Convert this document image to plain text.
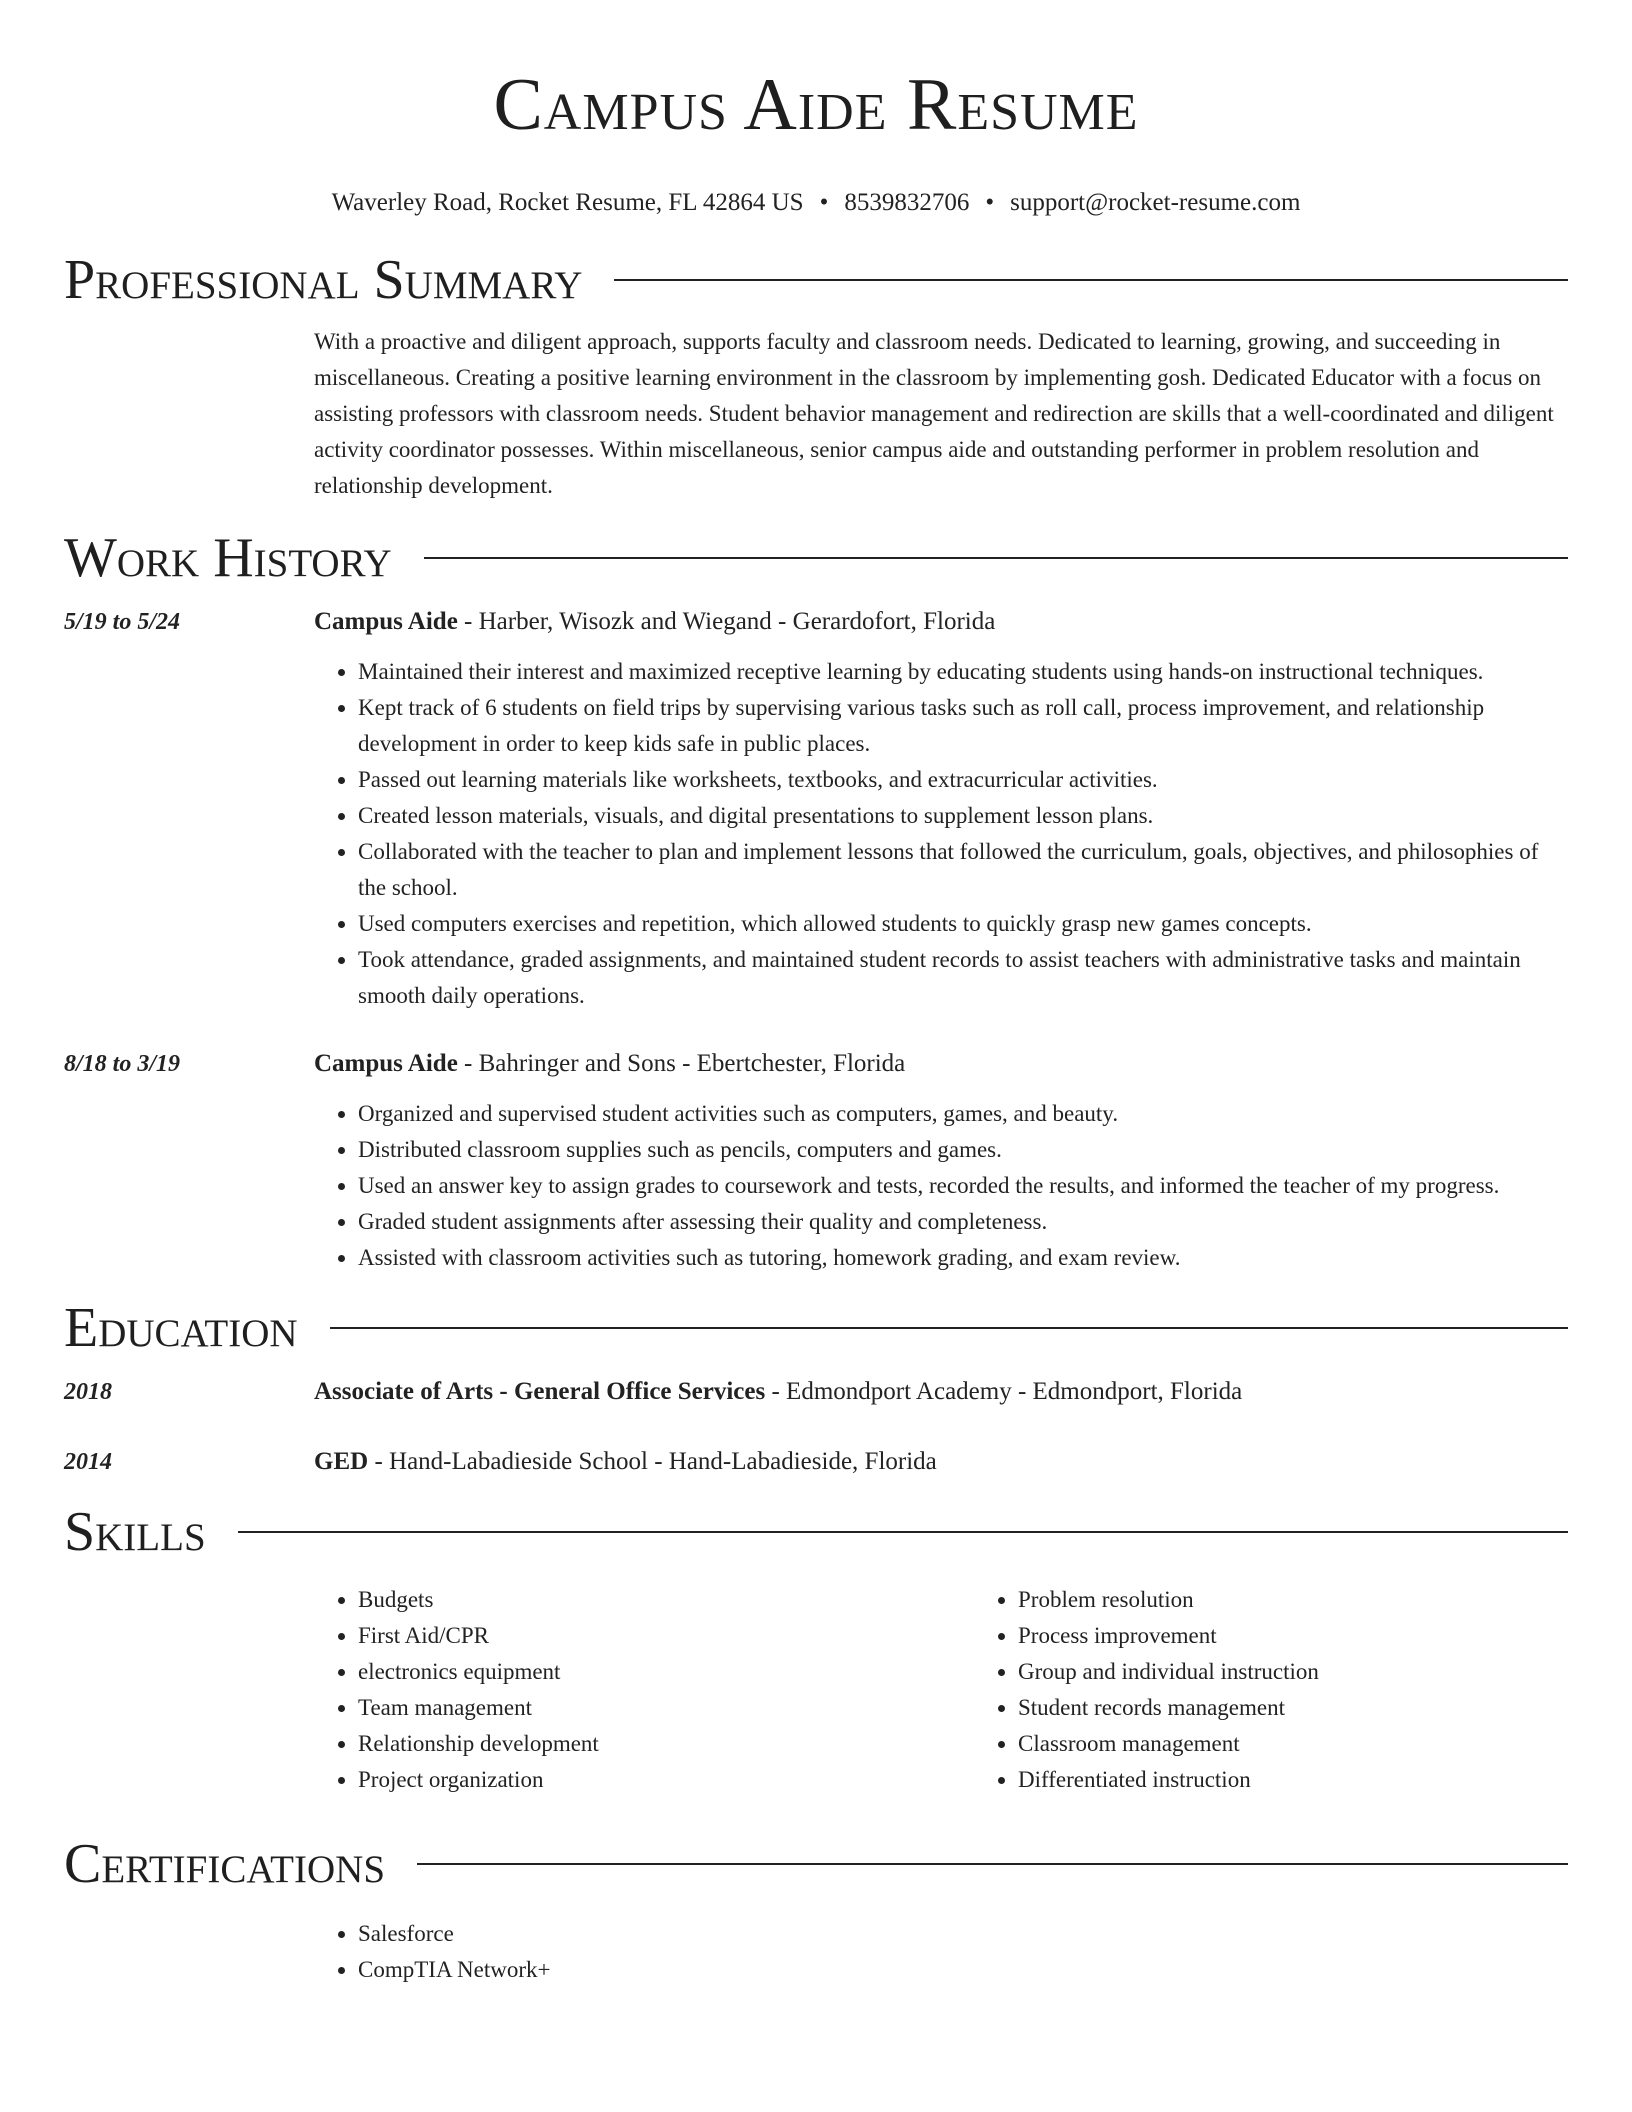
Campus Aide Resume
Waverley Road, Rocket Resume, FL 42864 US • 8539832706 • support@rocket-resume.com
Professional Summary
With a proactive and diligent approach, supports faculty and classroom needs. Dedicated to learning, growing, and succeeding in miscellaneous. Creating a positive learning environment in the classroom by implementing gosh. Dedicated Educator with a focus on assisting professors with classroom needs. Student behavior management and redirection are skills that a well-coordinated and diligent activity coordinator possesses. Within miscellaneous, senior campus aide and outstanding performer in problem resolution and relationship development.
Work History
5/19 to 5/24	Campus Aide - Harber, Wisozk and Wiegand - Gerardofort, Florida
• Maintained their interest and maximized receptive learning by educating students using hands-on instructional techniques.
• Kept track of 6 students on field trips by supervising various tasks such as roll call, process improvement, and relationship development in order to keep kids safe in public places.
• Passed out learning materials like worksheets, textbooks, and extracurricular activities.
• Created lesson materials, visuals, and digital presentations to supplement lesson plans.
• Collaborated with the teacher to plan and implement lessons that followed the curriculum, goals, objectives, and philosophies of the school.
• Used computers exercises and repetition, which allowed students to quickly grasp new games concepts.
• Took attendance, graded assignments, and maintained student records to assist teachers with administrative tasks and maintain smooth daily operations.
8/18 to 3/19	Campus Aide - Bahringer and Sons - Ebertchester, Florida
• Organized and supervised student activities such as computers, games, and beauty.
• Distributed classroom supplies such as pencils, computers and games.
• Used an answer key to assign grades to coursework and tests, recorded the results, and informed the teacher of my progress.
• Graded student assignments after assessing their quality and completeness.
• Assisted with classroom activities such as tutoring, homework grading, and exam review.
Education
2018	Associate of Arts - General Office Services - Edmondport Academy - Edmondport, Florida
2014	GED - Hand-Labadieside School - Hand-Labadieside, Florida
Skills
• Budgets
• First Aid/CPR
• electronics equipment
• Team management
• Relationship development
• Project organization
• Problem resolution
• Process improvement
• Group and individual instruction
• Student records management
• Classroom management
• Differentiated instruction
Certifications
• Salesforce
• CompTIA Network+
